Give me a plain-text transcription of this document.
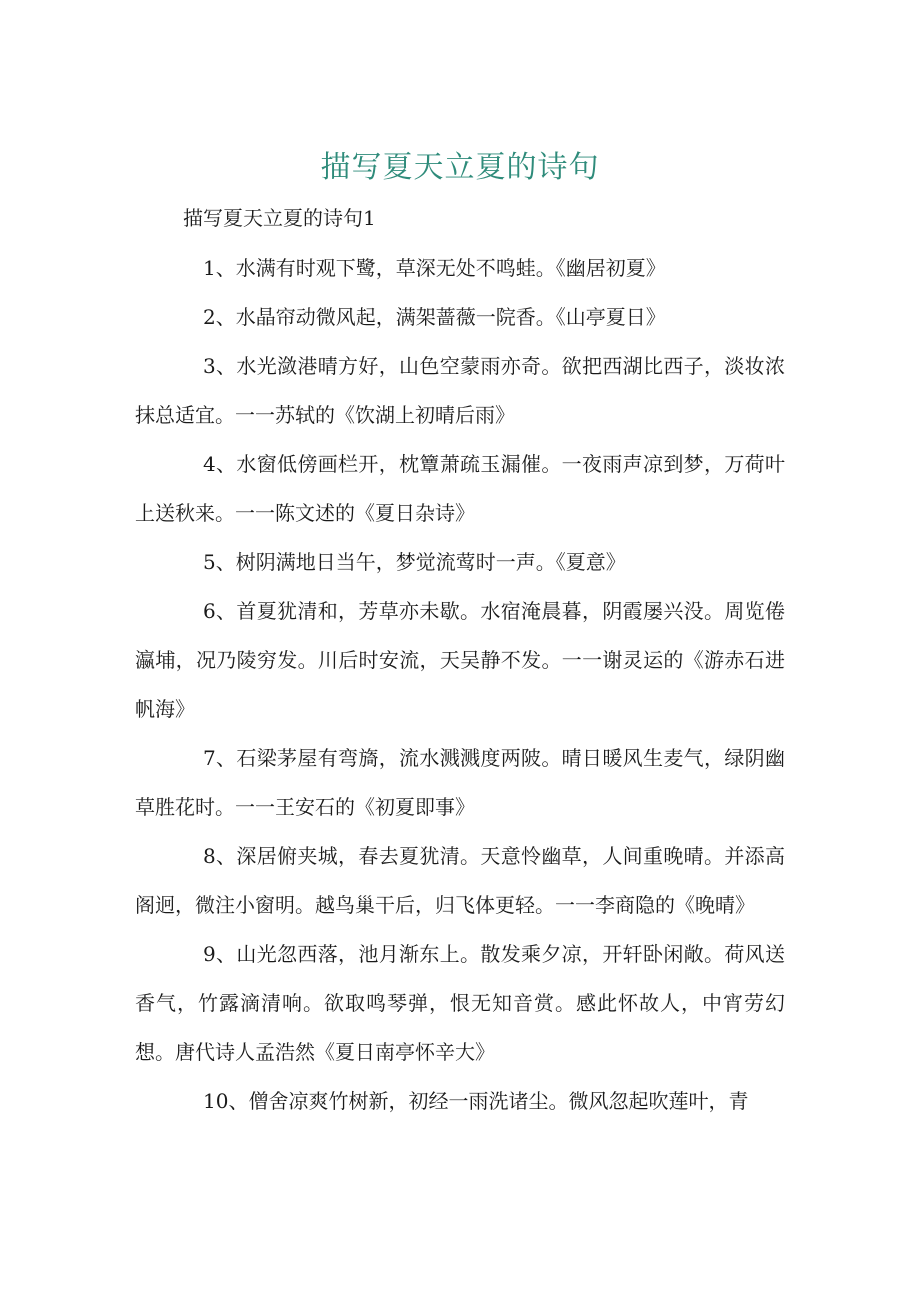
描写夏天立夏的诗句
描写夏天立夏的诗句1

1、水满有时观下鹭，草深无处不鸣蛙。《幽居初夏》

2、水晶帘动微风起，满架蔷薇一院香。《山亭夏日》

3、水光潋港晴方好，山色空蒙雨亦奇。欲把西湖比西子，淡妆浓抹总适宜。一一苏轼的《饮湖上初晴后雨》

4、水窗低傍画栏开，枕簟萧疏玉漏催。一夜雨声凉到梦，万荷叶上送秋来。一一陈文述的《夏日杂诗》

5、树阴满地日当午，梦觉流莺时一声。《夏意》

6、首夏犹清和，芳草亦未歇。水宿淹晨暮，阴霞屡兴没。周览倦瀛埔，况乃陵穷发。川后时安流，天吴静不发。一一谢灵运的《游赤石进帆海》

7、石梁茅屋有弯旖，流水溅溅度两陂。晴日暖风生麦气，绿阴幽草胜花时。一一王安石的《初夏即事》

8、深居俯夹城，春去夏犹清。天意怜幽草，人间重晚晴。并添高阁迥，微注小窗明。越鸟巢干后，归飞体更轻。一一李商隐的《晚晴》

9、山光忽西落，池月渐东上。散发乘夕凉，开轩卧闲敞。荷风送香气，竹露滴清响。欲取鸣琴弹，恨无知音赏。感此怀故人，中宵劳幻想。唐代诗人孟浩然《夏日南亭怀辛大》

10、僧舍凉爽竹树新，初经一雨洗诸尘。微风忽起吹莲叶，青
